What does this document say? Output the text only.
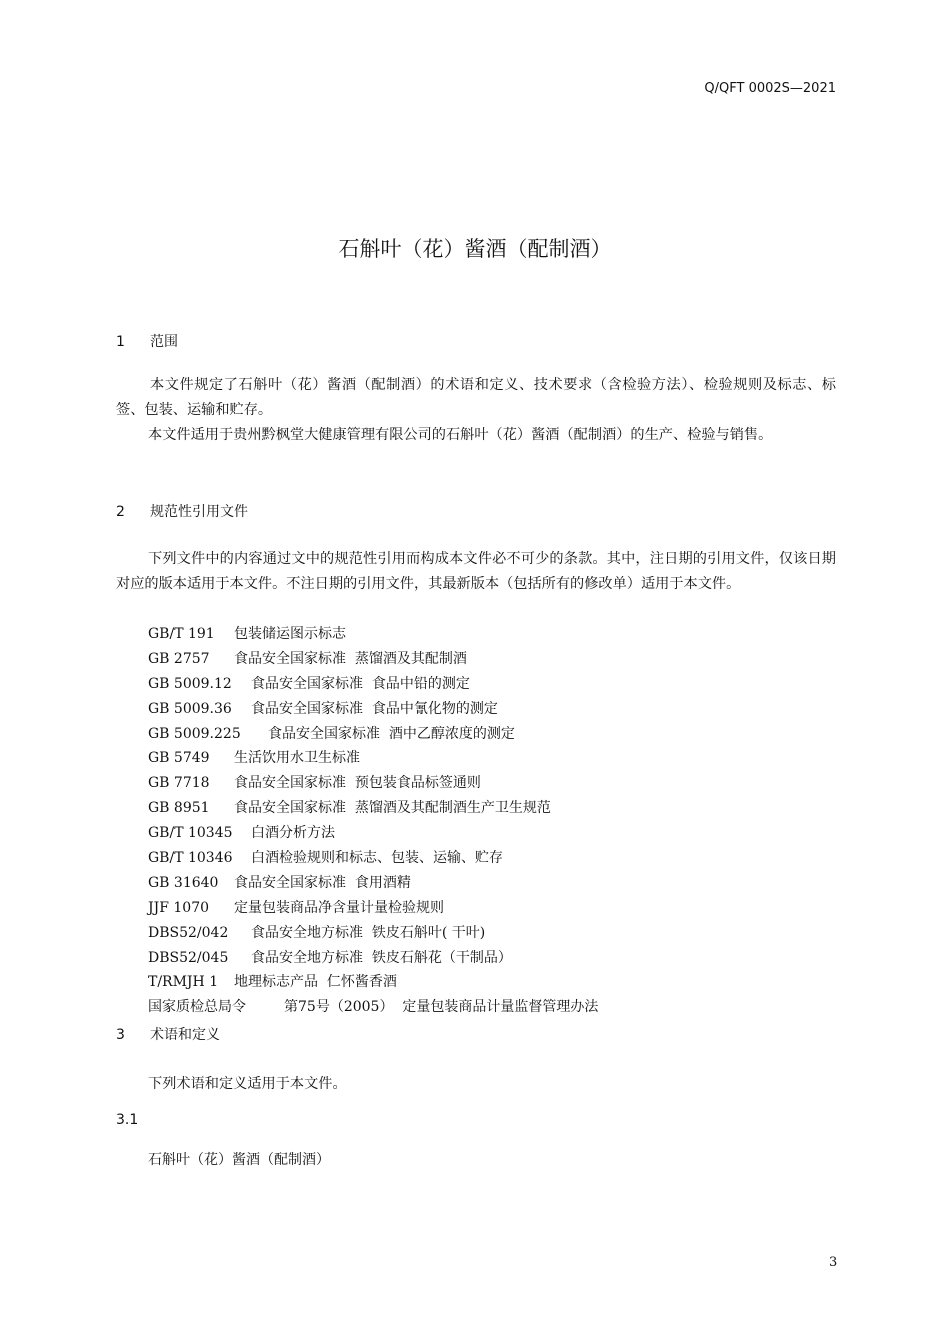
Q/QFT 0002S—2021
石斛叶（花）酱酒（配制酒）
1 范围

本文件规定了石斛叶（花）酱酒（配制酒）的术语和定义、技术要求（含检验方法）、检验规则及标志、标签、包装、运输和贮存。

本文件适用于贵州黔枫堂大健康管理有限公司的石斛叶（花）酱酒（配制酒）的生产、检验与销售。

2 规范性引用文件

下列文件中的内容通过文中的规范性引用而构成本文件必不可少的条款。其中，注日期的引用文件，仅该日期对应的版本适用于本文件。不注日期的引用文件，其最新版本（包括所有的修改单）适用于本文件。

GB/T 191 包装储运图示标志
GB 2757 食品安全国家标准  蒸馏酒及其配制酒
GB 5009.12 食品安全国家标准  食品中铅的测定
GB 5009.36 食品安全国家标准  食品中氰化物的测定
GB 5009.225 食品安全国家标准  酒中乙醇浓度的测定
GB 5749 生活饮用水卫生标准
GB 7718 食品安全国家标准  预包装食品标签通则
GB 8951 食品安全国家标准  蒸馏酒及其配制酒生产卫生规范
GB/T 10345 白酒分析方法
GB/T 10346 白酒检验规则和标志、包装、运输、贮存
GB 31640 食品安全国家标准  食用酒精
JJF 1070 定量包装商品净含量计量检验规则
DBS52/042 食品安全地方标准  铁皮石斛叶( 干叶)
DBS52/045 食品安全地方标准  铁皮石斛花（干制品）
T/RMJH 1 地理标志产品  仁怀酱香酒
国家质检总局令	第75号（2005）  定量包装商品计量监督管理办法
3 术语和定义
下列术语和定义适用于本文件。
3.1
石斛叶（花）酱酒（配制酒）
3
